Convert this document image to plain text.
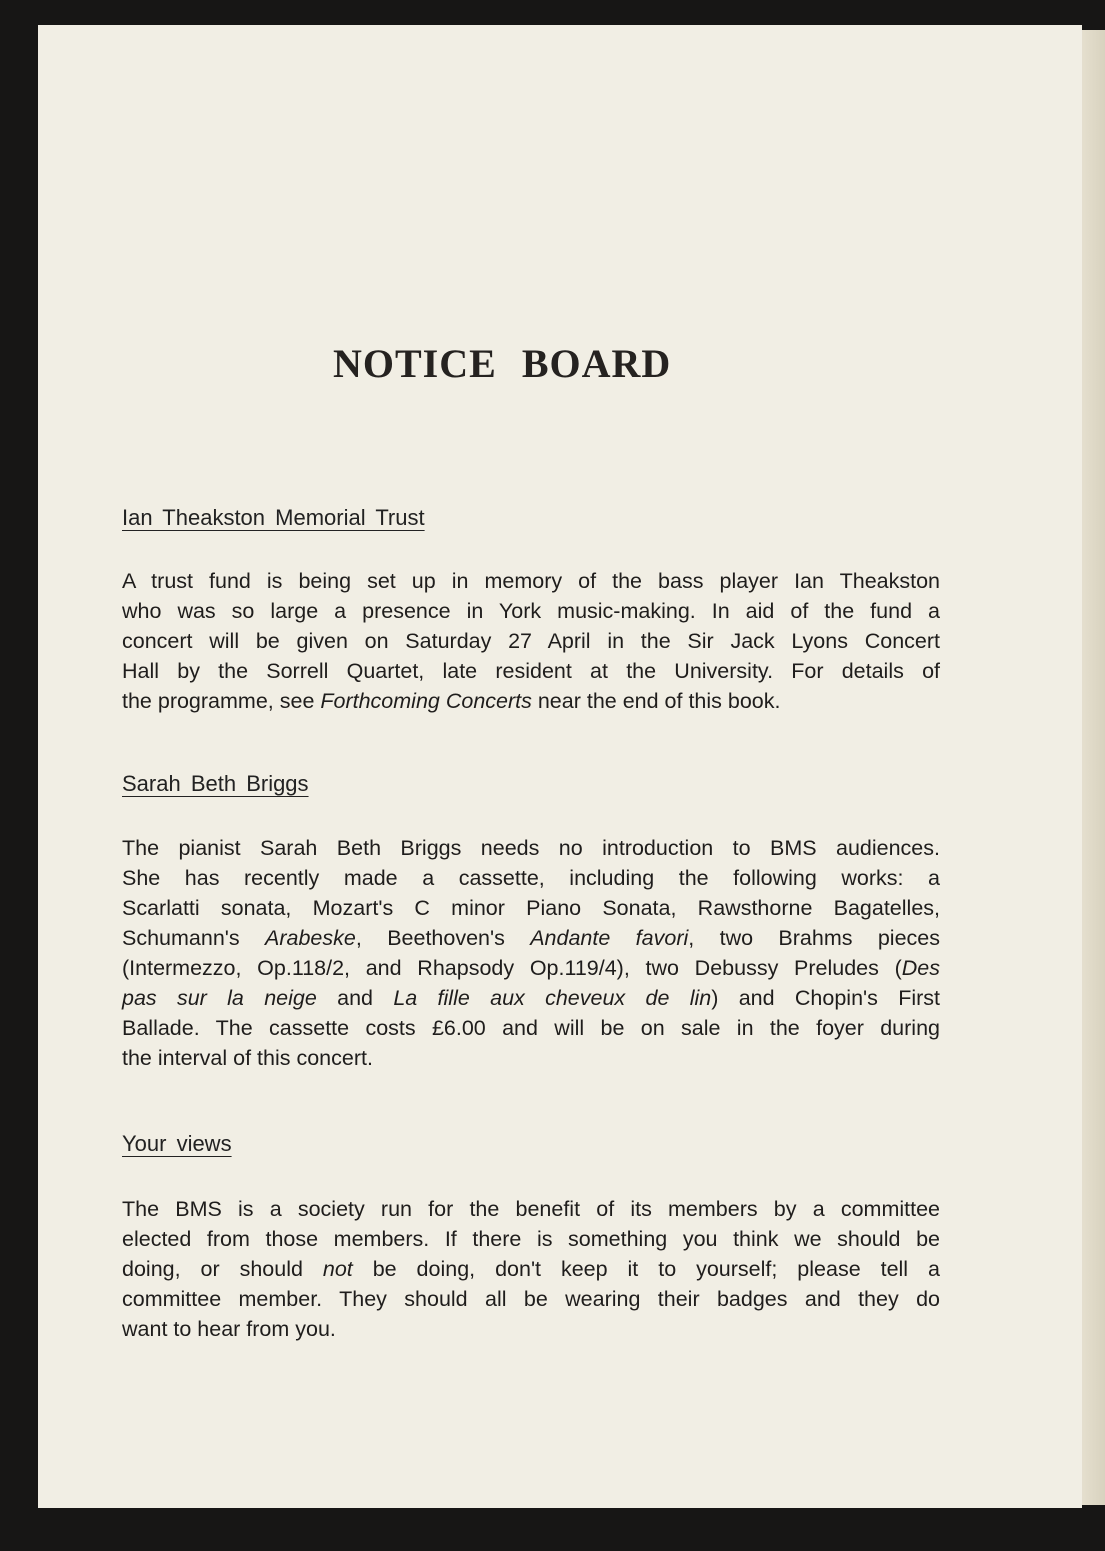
NOTICE BOARD
Ian Theakston Memorial Trust

A trust fund is being set up in memory of the bass player Ian Theakston
who was so large a presence in York music-making. In aid of the fund a
concert will be given on Saturday 27 April in the Sir Jack Lyons Concert
Hall by the Sorrell Quartet, late resident at the University. For details of
the programme, see Forthcoming Concerts near the end of this book.

Sarah Beth Briggs

The pianist Sarah Beth Briggs needs no introduction to BMS audiences.
She has recently made a cassette, including the following works: a
Scarlatti sonata, Mozart's C minor Piano Sonata, Rawsthorne Bagatelles,
Schumann's Arabeske, Beethoven's Andante favori, two Brahms pieces
(Intermezzo, Op.118/2, and Rhapsody Op.119/4), two Debussy Preludes (Des
pas sur la neige and La fille aux cheveux de lin) and Chopin's First
Ballade. The cassette costs £6.00 and will be on sale in the foyer during
the interval of this concert.

Your views

The BMS is a society run for the benefit of its members by a committee
elected from those members. If there is something you think we should be
doing, or should not be doing, don't keep it to yourself; please tell a
committee member. They should all be wearing their badges and they do
want to hear from you.
